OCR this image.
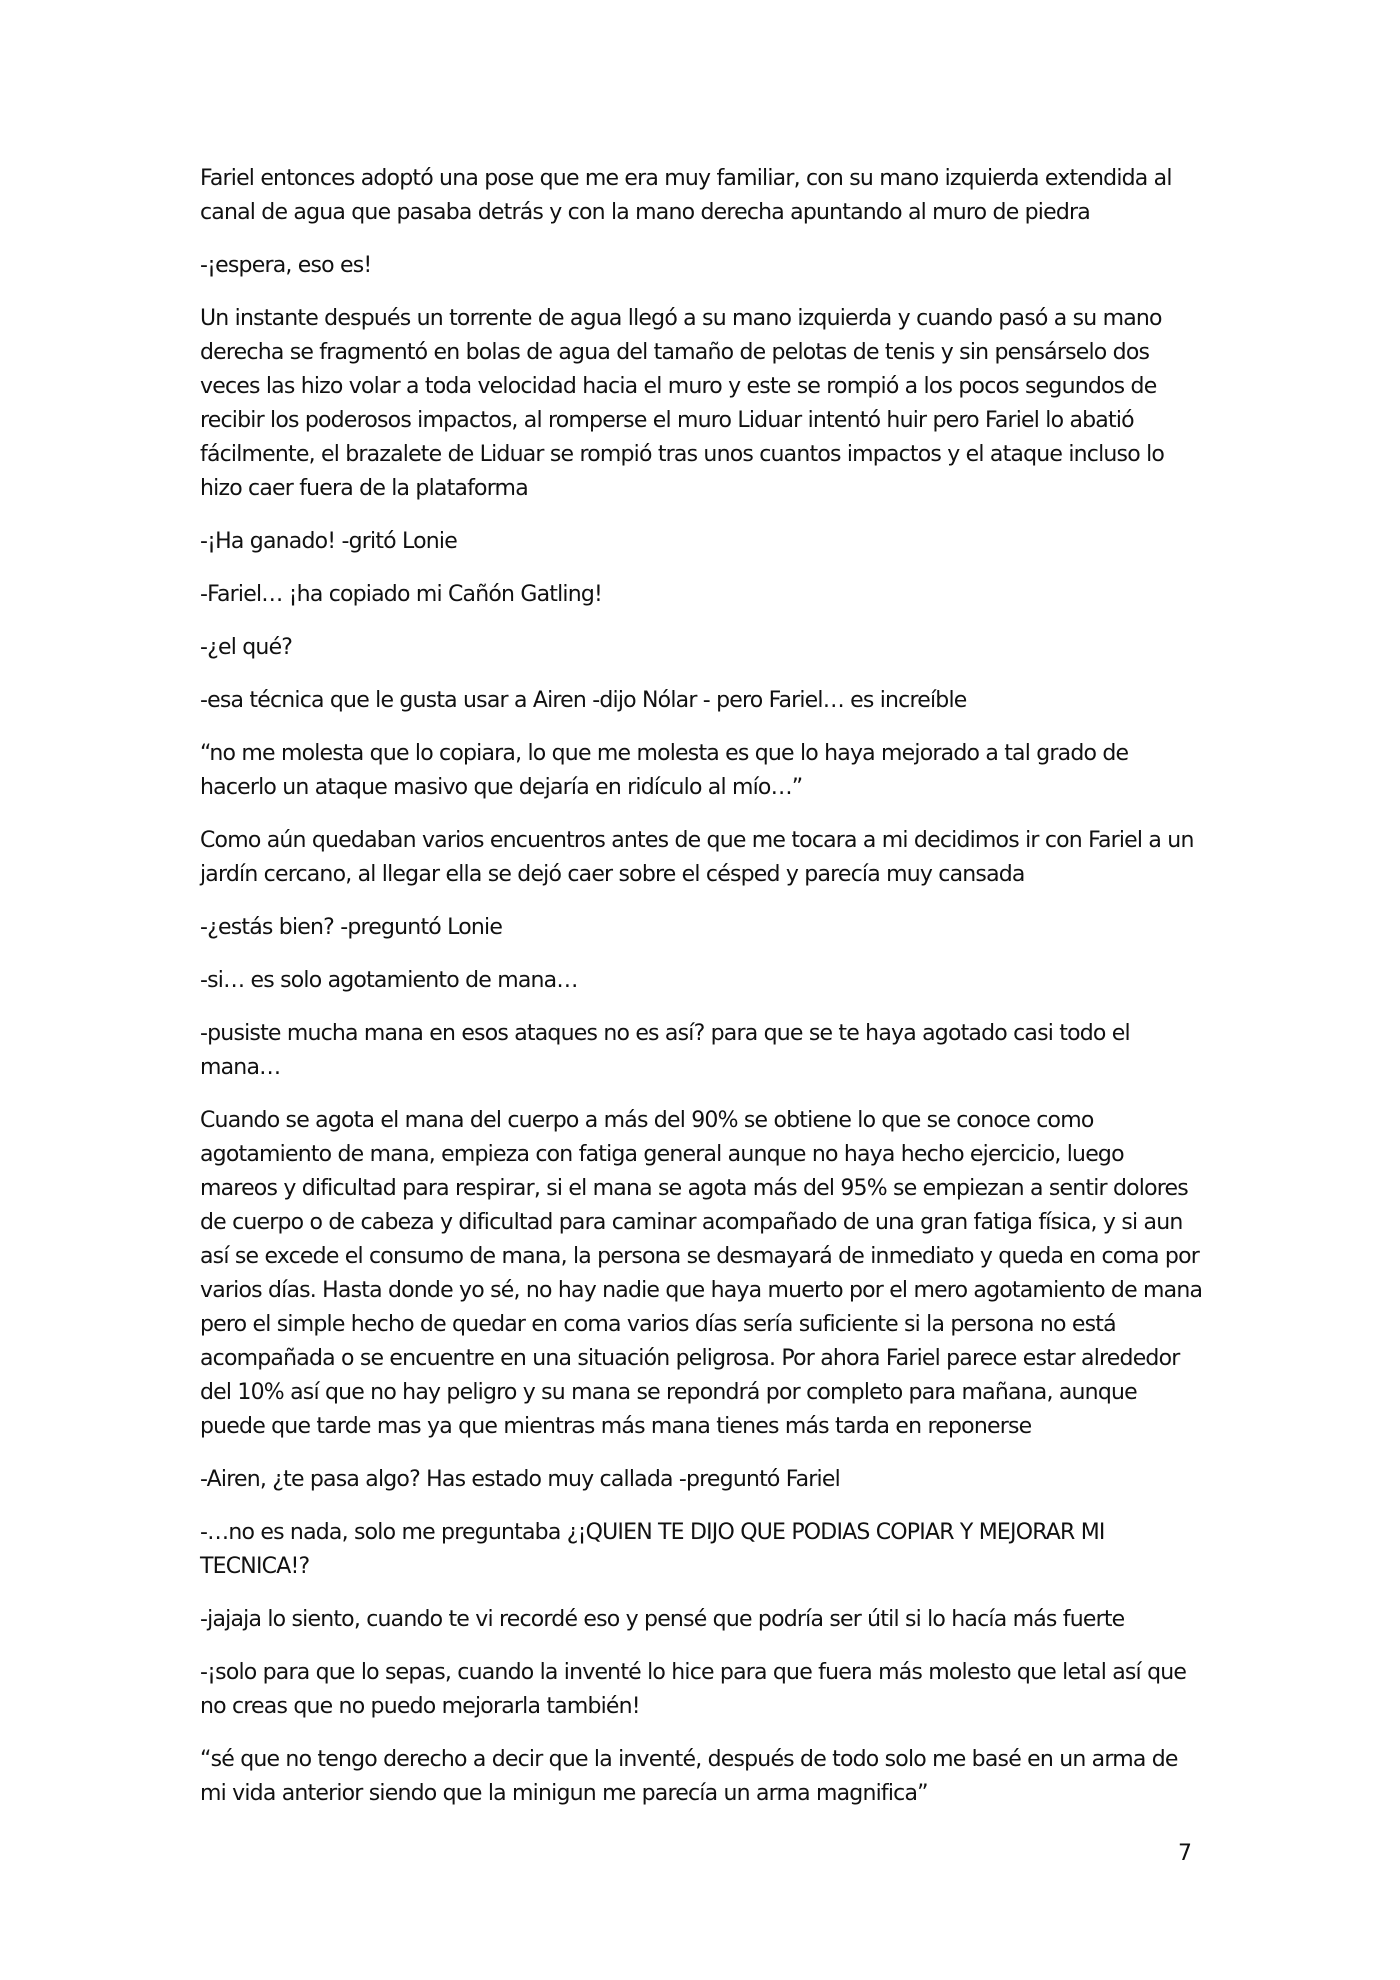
Fariel entonces adoptó una pose que me era muy familiar, con su mano izquierda extendida al canal de agua que pasaba detrás y con la mano derecha apuntando al muro de piedra

-¡espera, eso es!

Un instante después un torrente de agua llegó a su mano izquierda y cuando pasó a su mano derecha se fragmentó en bolas de agua del tamaño de pelotas de tenis y sin pensárselo dos veces las hizo volar a toda velocidad hacia el muro y este se rompió a los pocos segundos de recibir los poderosos impactos, al romperse el muro Liduar intentó huir pero Fariel lo abatió fácilmente, el brazalete de Liduar se rompió tras unos cuantos impactos y el ataque incluso lo hizo caer fuera de la plataforma

-¡Ha ganado! -gritó Lonie

-Fariel… ¡ha copiado mi Cañón Gatling!

-¿el qué?

-esa técnica que le gusta usar a Airen -dijo Nólar - pero Fariel… es increíble

“no me molesta que lo copiara, lo que me molesta es que lo haya mejorado a tal grado de hacerlo un ataque masivo que dejaría en ridículo al mío…”

Como aún quedaban varios encuentros antes de que me tocara a mi decidimos ir con Fariel a un jardín cercano, al llegar ella se dejó caer sobre el césped y parecía muy cansada

-¿estás bien? -preguntó Lonie

-si… es solo agotamiento de mana…

-pusiste mucha mana en esos ataques no es así? para que se te haya agotado casi todo el mana…

Cuando se agota el mana del cuerpo a más del 90% se obtiene lo que se conoce como agotamiento de mana, empieza con fatiga general aunque no haya hecho ejercicio, luego mareos y dificultad para respirar, si el mana se agota más del 95% se empiezan a sentir dolores de cuerpo o de cabeza y dificultad para caminar acompañado de una gran fatiga física, y si aun así se excede el consumo de mana, la persona se desmayará de inmediato y queda en coma por varios días. Hasta donde yo sé, no hay nadie que haya muerto por el mero agotamiento de mana pero el simple hecho de quedar en coma varios días sería suficiente si la persona no está acompañada o se encuentre en una situación peligrosa. Por ahora Fariel parece estar alrededor del 10% así que no hay peligro y su mana se repondrá por completo para mañana, aunque puede que tarde mas ya que mientras más mana tienes más tarda en reponerse

-Airen, ¿te pasa algo? Has estado muy callada -preguntó Fariel

-…no es nada, solo me preguntaba ¿¡QUIEN TE DIJO QUE PODIAS COPIAR Y MEJORAR MI TECNICA!?

-jajaja lo siento, cuando te vi recordé eso y pensé que podría ser útil si lo hacía más fuerte

-¡solo para que lo sepas, cuando la inventé lo hice para que fuera más molesto que letal así que no creas que no puedo mejorarla también!

“sé que no tengo derecho a decir que la inventé, después de todo solo me basé en un arma de mi vida anterior siendo que la minigun me parecía un arma magnifica”

7
